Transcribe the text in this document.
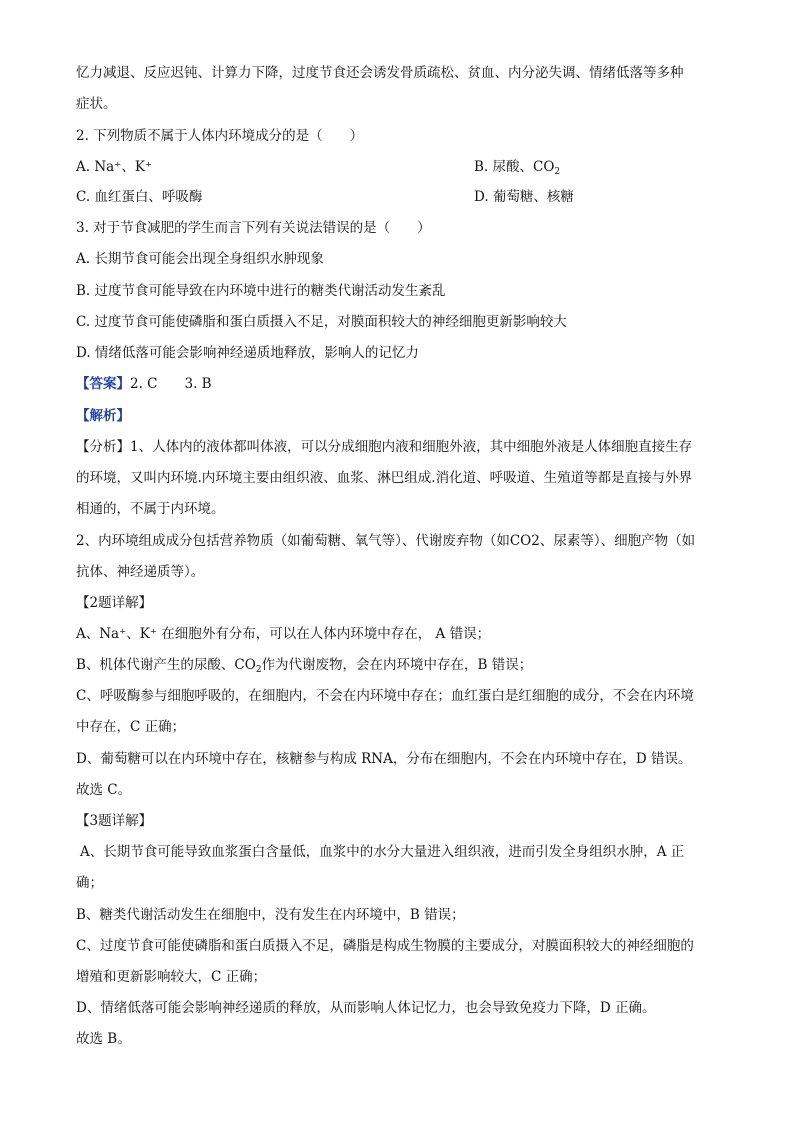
忆力减退、反应迟钝、计算力下降，过度节食还会诱发骨质疏松、贫血、内分泌失调、情绪低落等多种
症状。
2. 下列物质不属于人体内环境成分的是（　　）
A. Na⁺、K⁺	B. 尿酸、$CO_2$
C. 血红蛋白、呼吸酶	D. 葡萄糖、核糖
3. 对于节食减肥的学生而言下列有关说法错误的是（　　）
A. 长期节食可能会出现全身组织水肿现象
B. 过度节食可能导致在内环境中进行的糖类代谢活动发生紊乱
C. 过度节食可能使磷脂和蛋白质摄入不足，对膜面积较大的神经细胞更新影响较大
D. 情绪低落可能会影响神经递质地释放，影响人的记忆力
【答案】2. C　　3. B
【解析】
【分析】1、人体内的液体都叫体液，可以分成细胞内液和细胞外液，其中细胞外液是人体细胞直接生存
的环境，又叫内环境.内环境主要由组织液、血浆、淋巴组成.消化道、呼吸道、生殖道等都是直接与外界
相通的，不属于内环境。
2、内环境组成成分包括营养物质（如葡萄糖、氧气等）、代谢废弃物（如CO2、尿素等）、细胞产物（如
抗体、神经递质等）。
【2题详解】
A、Na⁺、K⁺ 在细胞外有分布，可以在人体内环境中存在， A 错误；
B、机体代谢产生的尿酸、$CO_2$作为代谢废物，会在内环境中存在，B 错误；
C、呼吸酶参与细胞呼吸的，在细胞内，不会在内环境中存在；血红蛋白是红细胞的成分，不会在内环境
中存在，C 正确；
D、葡萄糖可以在内环境中存在，核糖参与构成 RNA，分布在细胞内，不会在内环境中存在，D 错误。
故选 C。
【3题详解】
A、长期节食可能导致血浆蛋白含量低，血浆中的水分大量进入组织液，进而引发全身组织水肿，A 正
确；
B、糖类代谢活动发生在细胞中，没有发生在内环境中，B 错误；
C、过度节食可能使磷脂和蛋白质摄入不足，磷脂是构成生物膜的主要成分，对膜面积较大的神经细胞的
增殖和更新影响较大，C 正确；
D、情绪低落可能会影响神经递质的释放，从而影响人体记忆力，也会导致免疫力下降，D 正确。
故选 B。
